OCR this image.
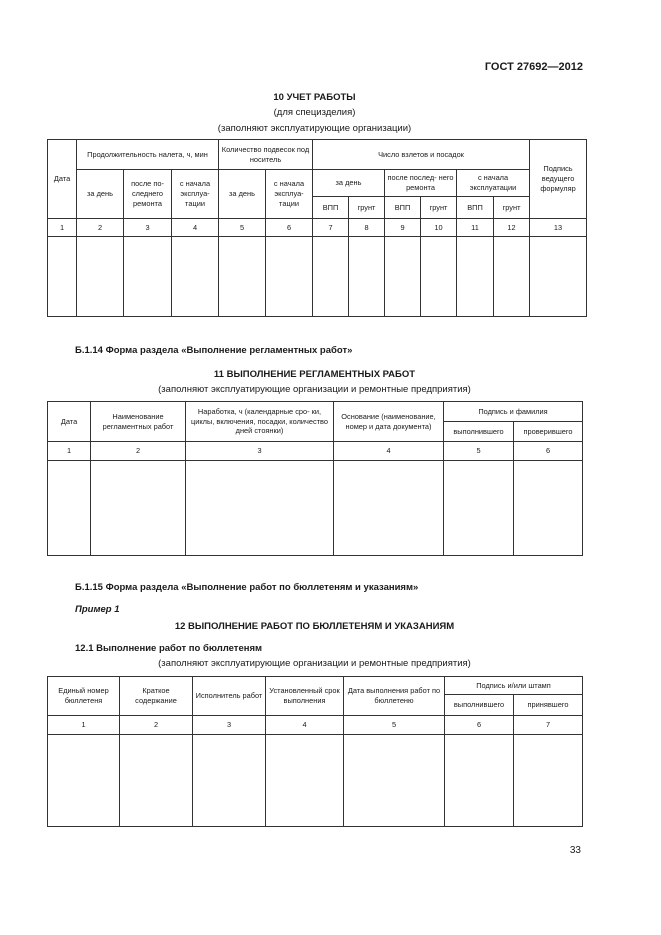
ГОСТ 27692—2012
10 УЧЕТ РАБОТЫ
(для специзделия)
(заполняют эксплуатирующие организации)
Дата	Продолжительность налета, ч, мин			Количество подвесок под носитель		Число взлетов и посадок						Подпись ведущего формуляр
	за день	после по- следнего ремонта	с начала эксплуа- тации	за день	с начала эксплуа- тации	за день		после послед- него ремонта		с начала эксплуатации		
						ВПП	грунт	ВПП	грунт	ВПП	грунт	
1	2	3	4	5	6	7	8	9	10	11	12	13

Б.1.14 Форма раздела «Выполнение регламентных работ»
11 ВЫПОЛНЕНИЕ РЕГЛАМЕНТНЫХ РАБОТ
(заполняют эксплуатирующие организации и ремонтные предприятия)
Дата	Наименование регламентных работ	Наработка, ч (календарные сро- ки, циклы, включения, посадки, количество дней стоянки)	Основание (наименование, номер и дата документа)	Подпись и фамилия	
				выполнившего	проверившего
1	2	3	4	5	6

Б.1.15 Форма раздела «Выполнение работ по бюллетеням и указаниям»
Пример 1
12 ВЫПОЛНЕНИЕ РАБОТ ПО БЮЛЛЕТЕНЯМ И УКАЗАНИЯМ
12.1 Выполнение работ по бюллетеням
(заполняют эксплуатирующие организации и ремонтные предприятия)
Единый номер бюллетеня	Краткое содержание	Исполнитель работ	Установленный срок выполнения	Дата выполнения работ по бюллетеню	Подпись и/или штамп	
					выполнившего	принявшего
1	2	3	4	5	6	7

33
